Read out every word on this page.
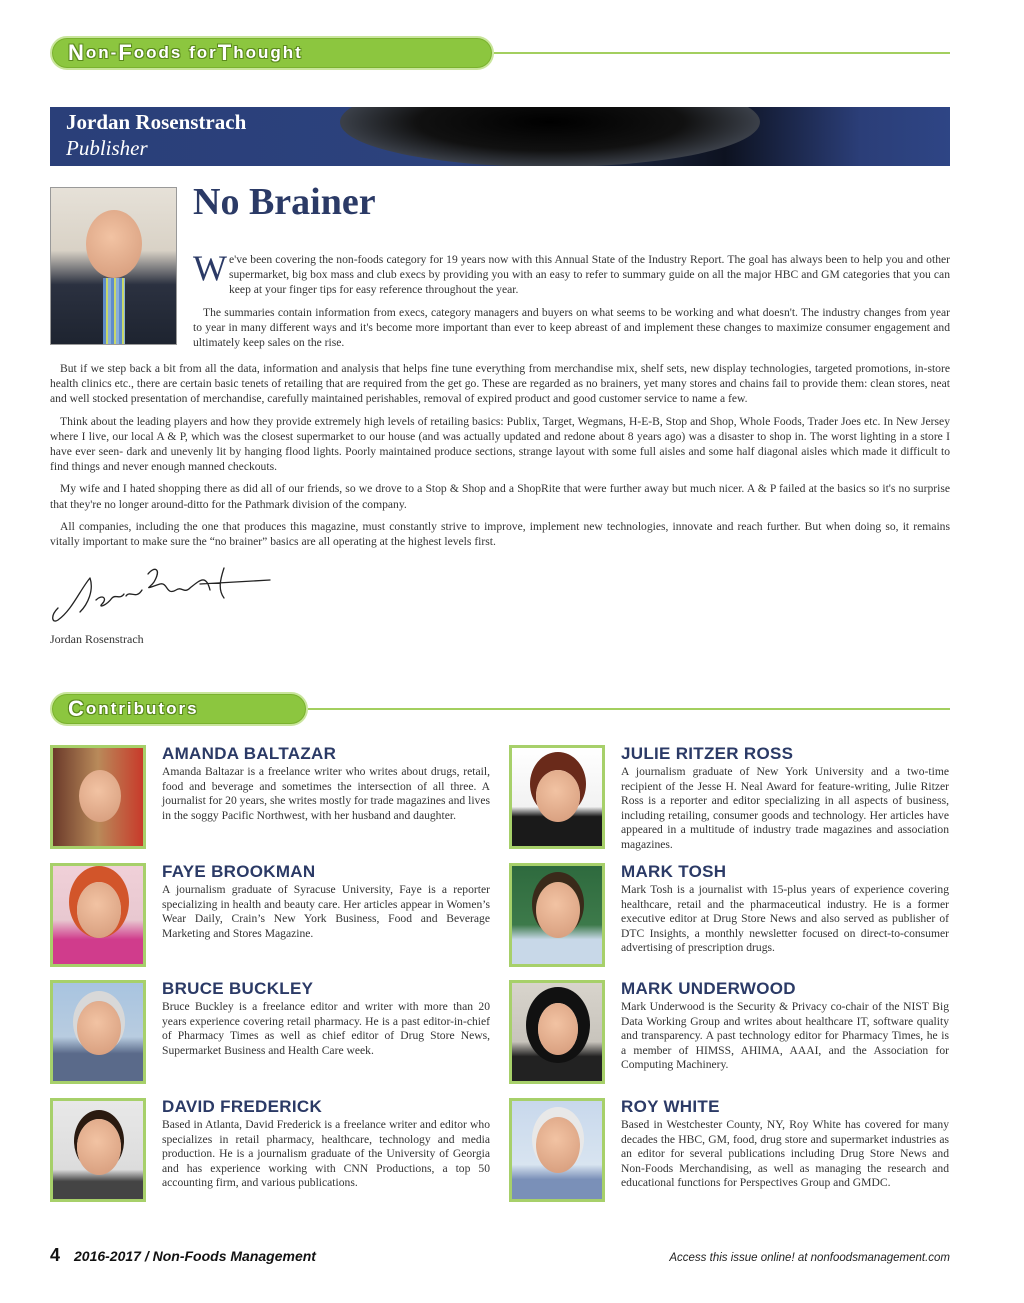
N on- F oods for T hought
Jordan Rosenstrach
Publisher
No Brainer

We've been covering the non-foods category for 19 years now with this Annual State of the Industry Report. The goal has always been to help you and other supermarket, big box mass and club execs by providing you with an easy to refer to summary guide on all the major HBC and GM categories that you can keep at your finger tips for easy reference throughout the year.

The summaries contain information from execs, category managers and buyers on what seems to be working and what doesn't. The industry changes from year to year in many different ways and it's become more important than ever to keep abreast of and implement these changes to maximize consumer engagement and ultimately keep sales on the rise.

But if we step back a bit from all the data, information and analysis that helps fine tune everything from merchandise mix, shelf sets, new display technologies, targeted promotions, in-store health clinics etc., there are certain basic tenets of retailing that are required from the get go. These are regarded as no brainers, yet many stores and chains fail to provide them: clean stores, neat and well stocked presentation of merchandise, carefully maintained perishables, removal of expired product and good customer service to name a few.

Think about the leading players and how they provide extremely high levels of retailing basics: Publix, Target, Wegmans, H-E-B, Stop and Shop, Whole Foods, Trader Joes etc. In New Jersey where I live, our local A & P, which was the closest supermarket to our house (and was actually updated and redone about 8 years ago) was a disaster to shop in. The worst lighting in a store I have ever seen- dark and unevenly lit by hanging flood lights. Poorly maintained produce sections, strange layout with some full aisles and some half diagonal aisles which made it difficult to find things and never enough manned checkouts.

My wife and I hated shopping there as did all of our friends, so we drove to a Stop & Shop and a ShopRite that were further away but much nicer. A & P failed at the basics so it's no surprise that they're no longer around-ditto for the Pathmark division of the company.

All companies, including the one that produces this magazine, must constantly strive to improve, implement new technologies, innovate and reach further. But when doing so, it remains vitally important to make sure the “no brainer” basics are all operating at the highest levels first.

Jordan Rosenstrach
C ontributors
AMANDA BALTAZAR
Amanda Baltazar is a freelance writer who writes about drugs, retail, food and beverage and sometimes the intersection of all three. A journalist for 20 years, she writes mostly for trade magazines and lives in the soggy Pacific Northwest, with her husband and daughter.
JULIE RITZER ROSS
A journalism graduate of New York University and a two-time recipient of the Jesse H. Neal Award for feature-writing, Julie Ritzer Ross is a reporter and editor specializing in all aspects of business, including retailing, consumer goods and technology. Her articles have appeared in a multitude of industry trade magazines and association magazines.
FAYE BROOKMAN
A journalism graduate of Syracuse University, Faye is a reporter specializing in health and beauty care. Her articles appear in Women’s Wear Daily, Crain’s New York Business, Food and Beverage Marketing and Stores Magazine.
MARK TOSH
Mark Tosh is a journalist with 15-plus years of experience covering healthcare, retail and the pharmaceutical industry. He is a former executive editor at Drug Store News and also served as publisher of DTC Insights, a monthly newsletter focused on direct-to-consumer advertising of prescription drugs.
BRUCE BUCKLEY
Bruce Buckley is a freelance editor and writer with more than 20 years experience covering retail pharmacy. He is a past editor-in-chief of Pharmacy Times as well as chief editor of Drug Store News, Supermarket Business and Health Care week.
MARK UNDERWOOD
Mark Underwood is the Security & Privacy co-chair of the NIST Big Data Working Group and writes about healthcare IT, software quality and transparency. A past technology editor for Pharmacy Times, he is a member of HIMSS, AHIMA, AAAI, and the Association for Computing Machinery.
DAVID FREDERICK
Based in Atlanta, David Frederick is a freelance writer and editor who specializes in retail pharmacy, healthcare, technology and media production. He is a journalism graduate of the University of Georgia and has experience working with CNN Productions, a top 50 accounting firm, and various publications.
ROY WHITE
Based in Westchester County, NY, Roy White has covered for many decades the HBC, GM, food, drug store and supermarket industries as an editor for several publications including Drug Store News and Non-Foods Merchandising, as well as managing the research and educational functions for Perspectives Group and GMDC.
4 2016-2017 / Non-Foods Management	Access this issue online! at nonfoodsmanagement.com
